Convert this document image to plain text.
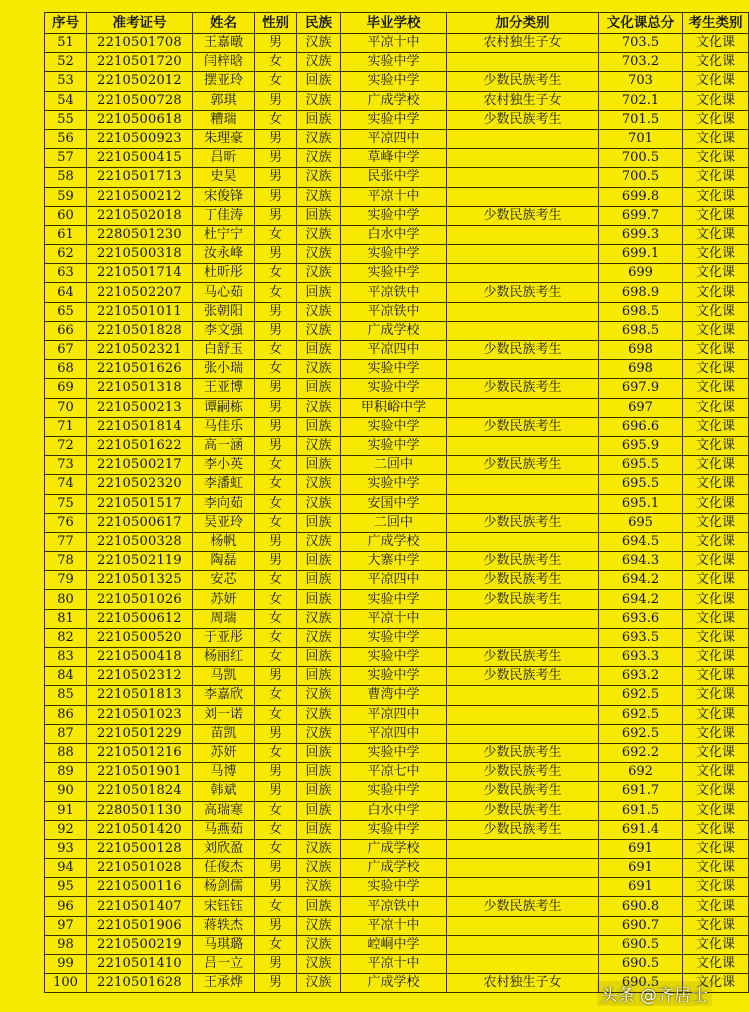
序号	准考证号	姓名	性别	民族	毕业学校	加分类别	文化课总分	考生类别
51	2210501708	王嘉暾	男	汉族	平凉十中	农村独生子女	703.5	文化课
52	2210501720	闫梓晗	女	汉族	实验中学		703.2	文化课
53	2210502012	摆亚玲	女	回族	实验中学	少数民族考生	703	文化课
54	2210500728	郭琪	男	汉族	广成学校	农村独生子女	702.1	文化课
55	2210500618	糟瑞	女	回族	实验中学	少数民族考生	701.5	文化课
56	2210500923	朱理豪	男	汉族	平凉四中		701	文化课
57	2210500415	吕昕	男	汉族	草峰中学		700.5	文化课
58	2210501713	史昊	男	汉族	民张中学		700.5	文化课
59	2210500212	宋俊锋	男	汉族	平凉十中		699.8	文化课
60	2210502018	丁佳涛	男	回族	实验中学	少数民族考生	699.7	文化课
61	2280501230	杜宁宁	女	汉族	白水中学		699.3	文化课
62	2210500318	汝永峰	男	汉族	实验中学		699.1	文化课
63	2210501714	杜昕彤	女	汉族	实验中学		699	文化课
64	2210502207	马心茹	女	回族	平凉铁中	少数民族考生	698.9	文化课
65	2210501011	张朝阳	男	汉族	平凉铁中		698.5	文化课
66	2210501828	李文强	男	汉族	广成学校		698.5	文化课
67	2210502321	白舒玉	女	回族	平凉四中	少数民族考生	698	文化课
68	2210501626	张小瑞	女	汉族	实验中学		698	文化课
69	2210501318	王亚博	男	回族	实验中学	少数民族考生	697.9	文化课
70	2210500213	谭嗣栋	男	汉族	甲积峪中学		697	文化课
71	2210501814	马佳乐	男	回族	实验中学	少数民族考生	696.6	文化课
72	2210501622	高一涵	男	汉族	实验中学		695.9	文化课
73	2210500217	李小英	女	回族	二回中	少数民族考生	695.5	文化课
74	2210502320	李潘虹	女	汉族	实验中学		695.5	文化课
75	2210501517	李向茹	女	汉族	安国中学		695.1	文化课
76	2210500617	吴亚玲	女	回族	二回中	少数民族考生	695	文化课
77	2210500328	杨帆	男	汉族	广成学校		694.5	文化课
78	2210502119	陶磊	男	回族	大寨中学	少数民族考生	694.3	文化课
79	2210501325	安芯	女	回族	平凉四中	少数民族考生	694.2	文化课
80	2210501026	苏妍	女	回族	实验中学	少数民族考生	694.2	文化课
81	2210500612	周瑞	女	汉族	平凉十中		693.6	文化课
82	2210500520	于亚彤	女	汉族	实验中学		693.5	文化课
83	2210500418	杨丽红	女	回族	实验中学	少数民族考生	693.3	文化课
84	2210502312	马凯	男	回族	实验中学	少数民族考生	693.2	文化课
85	2210501813	李嘉欣	女	汉族	曹湾中学		692.5	文化课
86	2210501023	刘一诺	女	汉族	平凉四中		692.5	文化课
87	2210501229	苗凯	男	汉族	平凉四中		692.5	文化课
88	2210501216	苏妍	女	回族	实验中学	少数民族考生	692.2	文化课
89	2210501901	马博	男	回族	平凉七中	少数民族考生	692	文化课
90	2210501824	韩斌	男	回族	实验中学	少数民族考生	691.7	文化课
91	2280501130	高瑞寒	女	回族	白水中学	少数民族考生	691.5	文化课
92	2210501420	马燕茹	女	回族	实验中学	少数民族考生	691.4	文化课
93	2210500128	刘欣盈	女	汉族	广成学校		691	文化课
94	2210501028	任俊杰	男	汉族	广成学校		691	文化课
95	2210500116	杨剑儒	男	汉族	实验中学		691	文化课
96	2210501407	宋钰钰	女	回族	平凉铁中	少数民族考生	690.8	文化课
97	2210501906	蒋轶杰	男	汉族	平凉十中		690.7	文化课
98	2210500219	马琪璐	女	汉族	崆峒中学		690.5	文化课
99	2210501410	吕一立	男	汉族	平凉十中		690.5	文化课
100	2210501628	王承烨	男	汉族	广成学校	农村独生子女	690.5	文化课
头条 @齐居士
